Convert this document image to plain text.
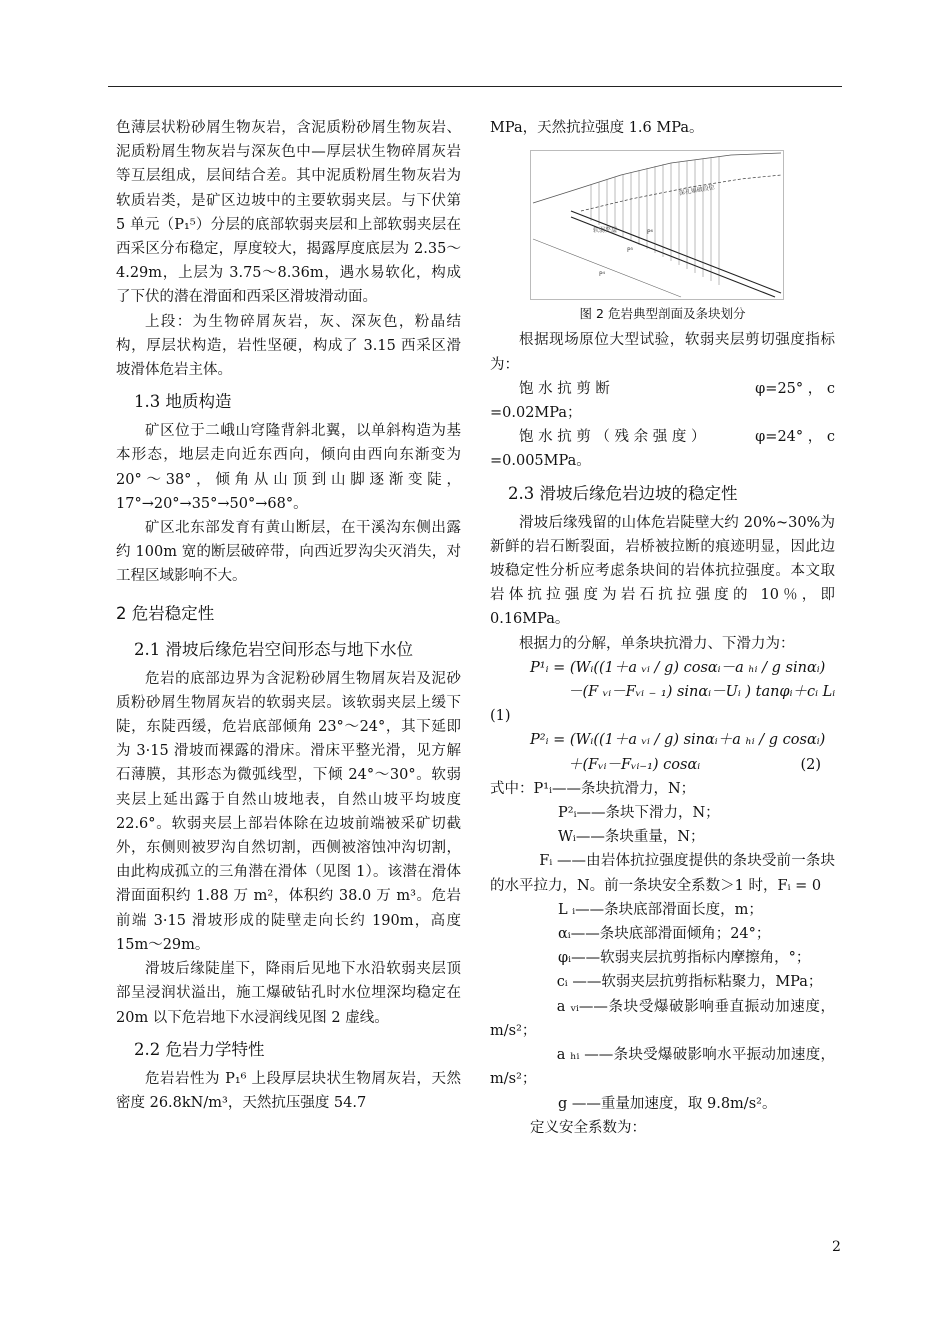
色薄层状粉砂屑生物灰岩，含泥质粉砂屑生物灰岩、泥质粉屑生物灰岩与深灰色中—厚层状生物碎屑灰岩等互层组成，层间结合差。其中泥质粉屑生物灰岩为软质岩类，是矿区边坡中的主要软弱夹层。与下伏第 5 单元（P₁⁵）分层的底部软弱夹层和上部软弱夹层在西采区分布稳定，厚度较大，揭露厚度底层为 2.35～4.29m，上层为 3.75～8.36m，遇水易软化，构成了下伏的潜在滑面和西采区滑坡滑动面。

上段：为生物碎屑灰岩，灰、深灰色，粉晶结构，厚层状构造，岩性坚硬，构成了 3.15 西采区滑坡滑体危岩主体。

1.3 地质构造

矿区位于二峨山穹隆背斜北翼，以单斜构造为基本形态，地层走向近东西向，倾向由西向东渐变为 20°～38°，倾角从山顶到山脚逐渐变陡，17°→20°→35°→50°→68°。

矿区北东部发育有黄山断层，在干溪沟东侧出露约 100m 宽的断层破碎带，向西近罗沟尖灭消失，对工程区域影响不大。

2 危岩稳定性
2.1 滑坡后缘危岩空间形态与地下水位

危岩的底部边界为含泥粉砂屑生物屑灰岩及泥砂质粉砂屑生物屑灰岩的软弱夹层。该软弱夹层上缓下陡，东陡西缓，危岩底部倾角 23°～24°，其下延即为 3·15 滑坡而裸露的滑床。滑床平整光滑，见方解石薄膜，其形态为微弧线型，下倾 24°～30°。软弱夹层上延出露于自然山坡地表，自然山坡平均坡度 22.6°。软弱夹层上部岩体除在边坡前端被采矿切截外，东侧则被罗沟自然切割，西侧被溶蚀冲沟切割，由此构成孤立的三角潜在滑体（见图 1）。该潜在滑体滑面面积约 1.88 万 m²，体积约 38.0 万 m³。危岩前端 3·15 滑坡形成的陡壁走向长约 190m，高度 15m～29m。

滑坡后缘陡崖下，降雨后见地下水沿软弱夹层顶部呈浸润状溢出，施工爆破钻孔时水位埋深均稳定在 20m 以下危岩地下水浸润线见图 2 虚线。

2.2 危岩力学特性

危岩岩性为 P₁⁶ 上段厚层块状生物屑灰岩，天然密度 26.8kN/m³，天然抗压强度 54.7

MPa，天然抗拉强度 1.6 MPa。

深孔爆破段位
软弱夹层	P⁶
P⁵
P⁴

图 2 危岩典型剖面及条块划分

根据现场原位大型试验，软弱夹层剪切强度指标为：

饱 水 抗 剪 断	φ=25° ， c

=0.02MPa；

饱 水 抗 剪 （ 残 余 强 度 ）	φ=24° ， c

=0.005MPa。

2.3 滑坡后缘危岩边坡的稳定性

滑坡后缘残留的山体危岩陡壁大约 20%~30%为新鲜的岩石断裂面，岩桥被拉断的痕迹明显，因此边坡稳定性分析应考虑条块间的岩体抗拉强度。本文取岩体抗拉强度为岩石抗拉强度的 10％，即 0.16MPa。

根据力的分解，单条块抗滑力、下滑力为：

P¹ᵢ = (Wᵢ((1＋a ᵥᵢ / g) cosαᵢ－a ₕᵢ / g sinαᵢ)

－(F ᵥᵢ－Fᵥᵢ ₋ ₁) sinαᵢ－Uᵢ ) tanφᵢ＋cᵢ Lᵢ

(1)

P²ᵢ = (Wᵢ((1＋a ᵥᵢ / g) sinαᵢ＋a ₕᵢ / g cosαᵢ)

＋(Fᵥᵢ－Fᵥᵢ₋₁) cosαᵢ	(2)

式中：P¹ᵢ——条块抗滑力，N；

P²ᵢ——条块下滑力，N；

Wᵢ——条块重量，N；

Fᵢ ——由岩体抗拉强度提供的条块受前一条块的水平拉力，N。前一条块安全系数＞1 时，Fᵢ = 0

L ᵢ——条块底部滑面长度，m；

αᵢ——条块底部滑面倾角；24°；

φᵢ——软弱夹层抗剪指标内摩擦角，°；

cᵢ ——软弱夹层抗剪指标粘聚力，MPa；

a ᵥᵢ——条块受爆破影响垂直振动加速度，m/s²；

a ₕᵢ ——条块受爆破影响水平振动加速度，m/s²；

g ——重量加速度，取 9.8m/s²。

定义安全系数为：

2
